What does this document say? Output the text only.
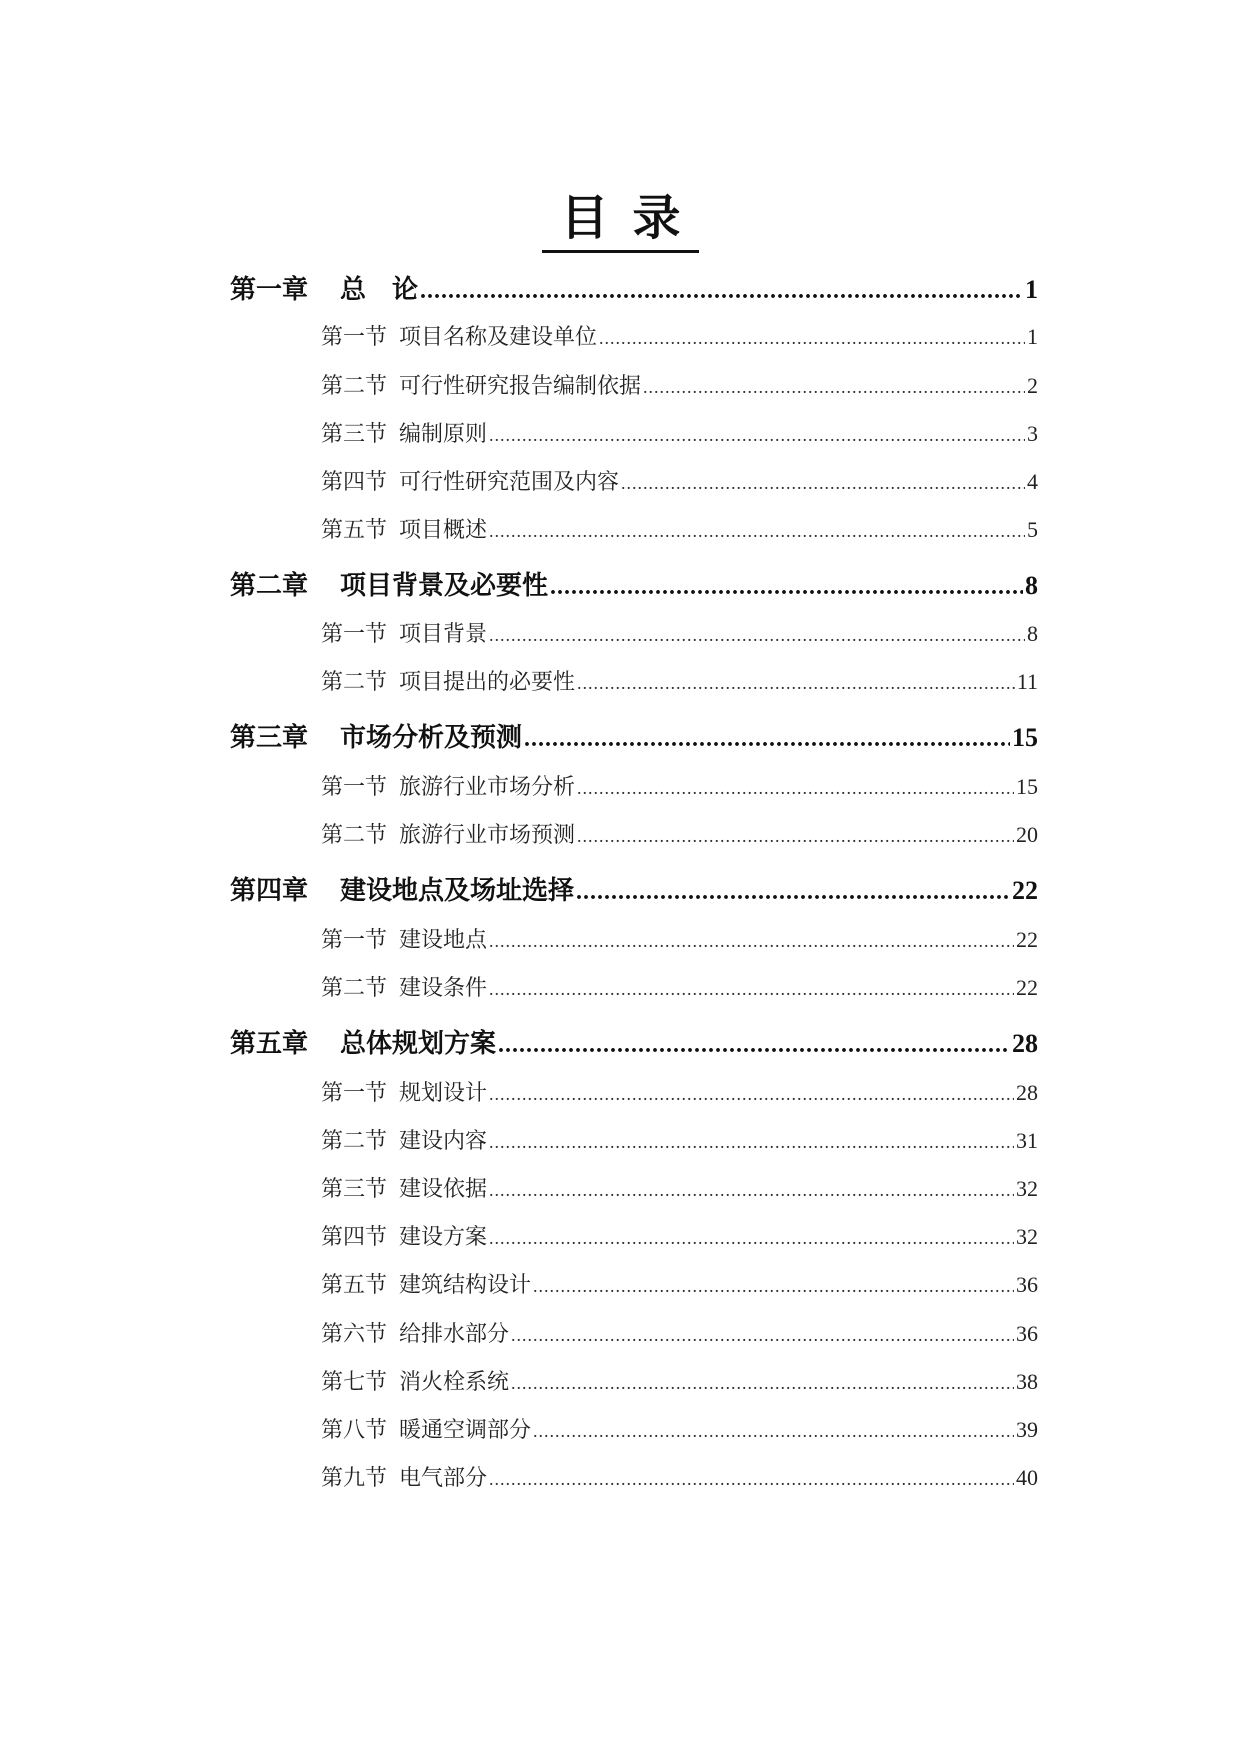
目 录
第一章 总　论 .....	1
第一节 项目名称及建设单位 .....	1
第二节 可行性研究报告编制依据 .....	2
第三节 编制原则 .....	3
第四节 可行性研究范围及内容 .....	4
第五节 项目概述 .....	5
第二章 项目背景及必要性 .....	8
第一节 项目背景 .....	8
第二节 项目提出的必要性 .....	11
第三章 市场分析及预测 .....	15
第一节 旅游行业市场分析 .....	15
第二节 旅游行业市场预测 .....	20
第四章 建设地点及场址选择 .....	22
第一节 建设地点 .....	22
第二节 建设条件 .....	22
第五章 总体规划方案 .....	28
第一节 规划设计 .....	28
第二节 建设内容 .....	31
第三节 建设依据 .....	32
第四节 建设方案 .....	32
第五节 建筑结构设计 .....	36
第六节 给排水部分 .....	36
第七节 消火栓系统 .....	38
第八节 暖通空调部分 .....	39
第九节 电气部分 .....	40
